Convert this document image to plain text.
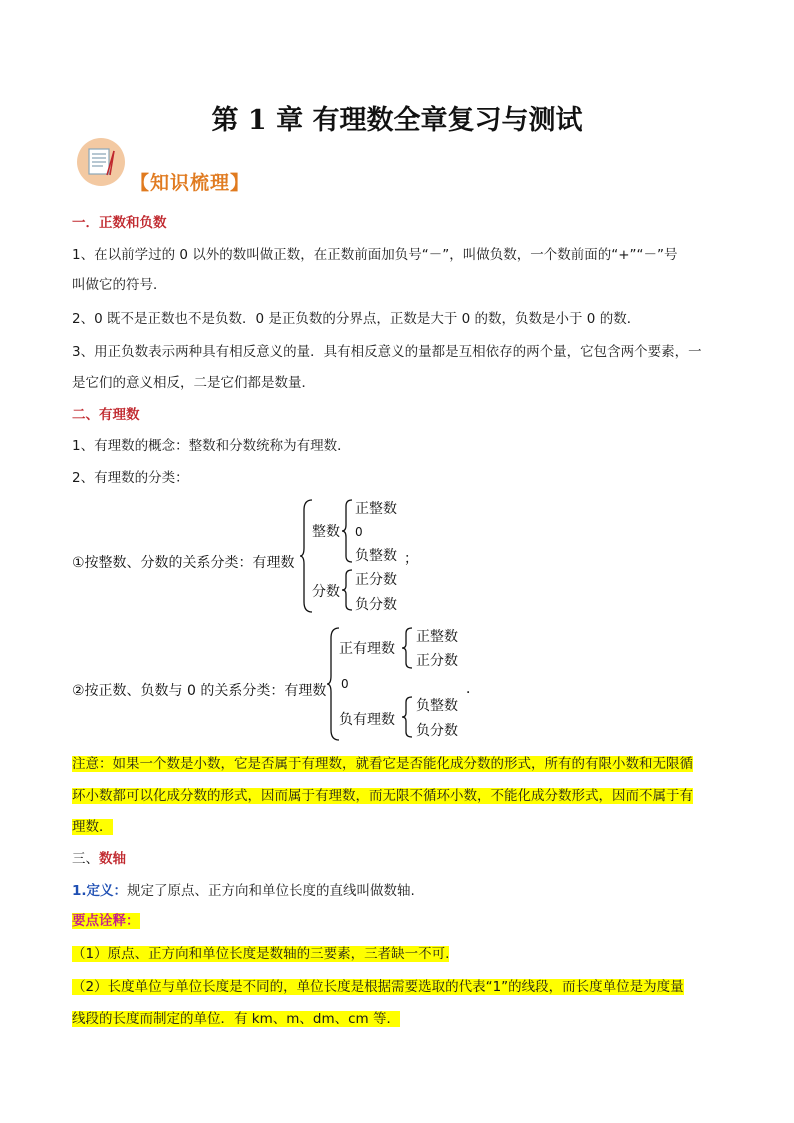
第 1 章 有理数全章复习与测试
【知识梳理】
一．正数和负数
1、在以前学过的 0 以外的数叫做正数，在正数前面加负号“－”，叫做负数，一个数前面的“+”“－”号
叫做它的符号．
2、0 既不是正数也不是负数．0 是正负数的分界点，正数是大于 0 的数，负数是小于 0 的数．
3、用正负数表示两种具有相反意义的量．具有相反意义的量都是互相依存的两个量，它包含两个要素，一
是它们的意义相反，二是它们都是数量．
二、有理数
1、有理数的概念：整数和分数统称为有理数．
2、有理数的分类：
①按整数、分数的关系分类：有理数
整数
正整数
0
负整数 ；
分数
正分数
负分数
②按正数、负数与 0 的关系分类：有理数
正有理数
正整数
正分数
0	．
负有理数
负整数
负分数
注意：如果一个数是小数，它是否属于有理数，就看它是否能化成分数的形式，所有的有限小数和无限循
环小数都可以化成分数的形式，因而属于有理数，而无限不循环小数，不能化成分数形式，因而不属于有
理数．
三、数轴
1.定义：规定了原点、正方向和单位长度的直线叫做数轴.
要点诠释：
（1）原点、正方向和单位长度是数轴的三要素，三者缺一不可.
（2）长度单位与单位长度是不同的，单位长度是根据需要选取的代表“1”的线段，而长度单位是为度量
线段的长度而制定的单位．有 km、m、dm、cm 等．
